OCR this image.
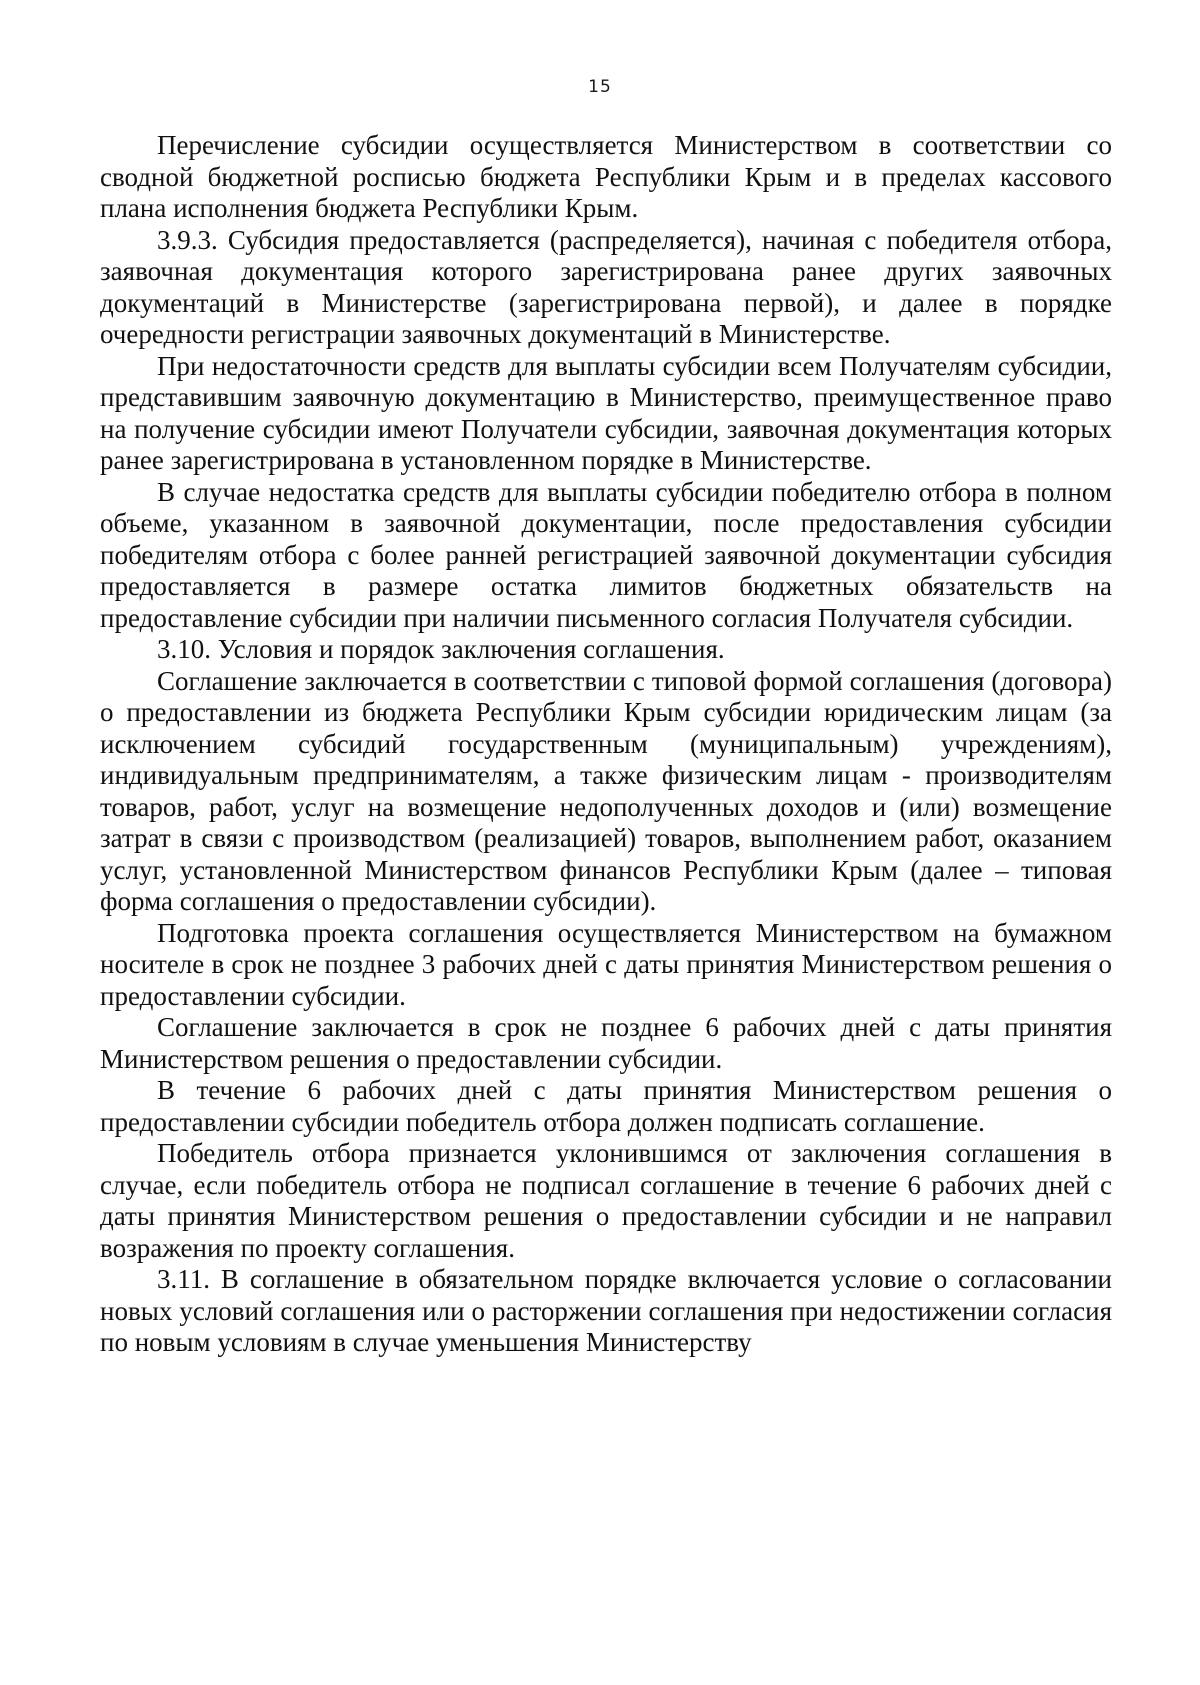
15

Перечисление субсидии осуществляется Министерством в соответствии со сводной бюджетной росписью бюджета Республики Крым и в пределах кассового плана исполнения бюджета Республики Крым.

3.9.3. Субсидия предоставляется (распределяется), начиная с победителя отбора, заявочная документация которого зарегистрирована ранее других заявочных документаций в Министерстве (зарегистрирована первой), и далее в порядке очередности регистрации заявочных документаций в Министерстве.

При недостаточности средств для выплаты субсидии всем Получателям субсидии, представившим заявочную документацию в Министерство, преимущественное право на получение субсидии имеют Получатели субсидии, заявочная документация которых ранее зарегистрирована в установленном порядке в Министерстве.

В случае недостатка средств для выплаты субсидии победителю отбора в полном объеме, указанном в заявочной документации, после предоставления субсидии победителям отбора с более ранней регистрацией заявочной документации субсидия предоставляется в размере остатка лимитов бюджетных обязательств на предоставление субсидии при наличии письменного согласия Получателя субсидии.

3.10. Условия и порядок заключения соглашения.

Соглашение заключается в соответствии с типовой формой соглашения (договора) о предоставлении из бюджета Республики Крым субсидии юридическим лицам (за исключением субсидий государственным (муниципальным) учреждениям), индивидуальным предпринимателям, а также физическим лицам - производителям товаров, работ, услуг на возмещение недополученных доходов и (или) возмещение затрат в связи с производством (реализацией) товаров, выполнением работ, оказанием услуг, установленной Министерством финансов Республики Крым (далее – типовая форма соглашения о предоставлении субсидии).

Подготовка проекта соглашения осуществляется Министерством на бумажном носителе в срок не позднее 3 рабочих дней с даты принятия Министерством решения о предоставлении субсидии.

Соглашение заключается в срок не позднее 6 рабочих дней с даты принятия Министерством решения о предоставлении субсидии.

В течение 6 рабочих дней с даты принятия Министерством решения о предоставлении субсидии победитель отбора должен подписать соглашение.

Победитель отбора признается уклонившимся от заключения соглашения в случае, если победитель отбора не подписал соглашение в течение 6 рабочих дней с даты принятия Министерством решения о предоставлении субсидии и не направил возражения по проекту соглашения.

3.11. В соглашение в обязательном порядке включается условие о согласовании новых условий соглашения или о расторжении соглашения при недостижении согласия по новым условиям в случае уменьшения Министерству
